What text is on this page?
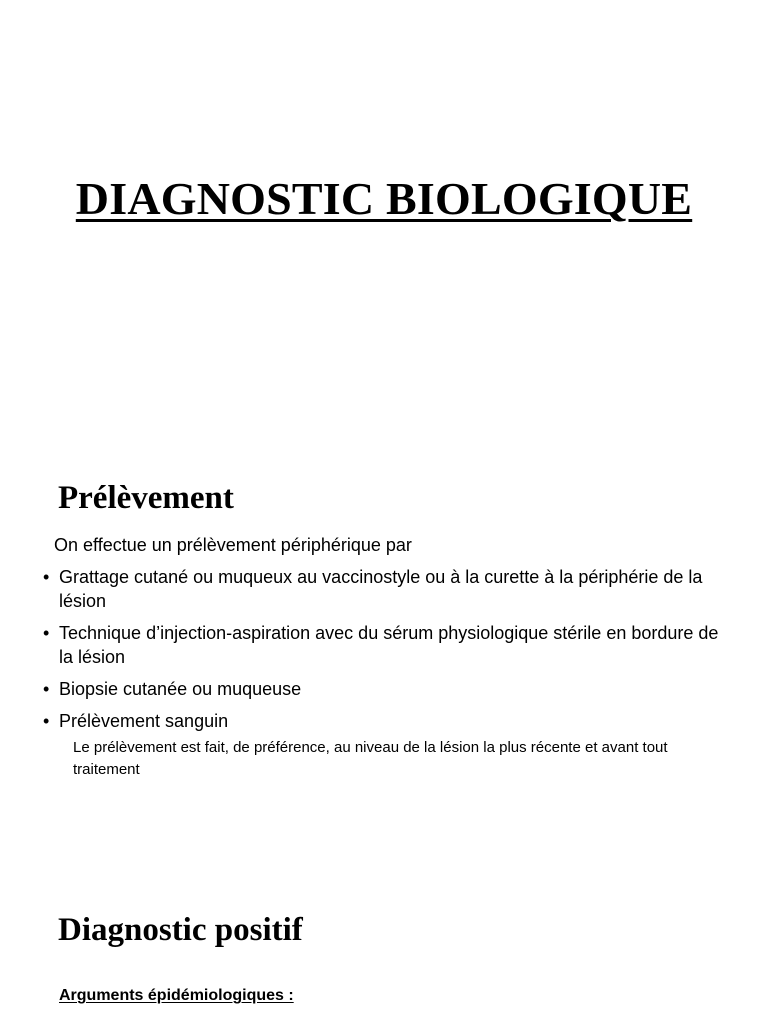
DIAGNOSTIC BIOLOGIQUE
Prélèvement

On effectue un prélèvement périphérique par

• Grattage cutané ou muqueux au vaccinostyle ou à la curette à la périphérie de la lésion
• Technique d’injection-aspiration avec du sérum physiologique stérile en bordure de la lésion
• Biopsie cutanée ou muqueuse
• Prélèvement sanguin

Le prélèvement est fait, de préférence, au niveau de la lésion la plus récente et avant tout traitement

Diagnostic positif

Arguments épidémiologiques :
